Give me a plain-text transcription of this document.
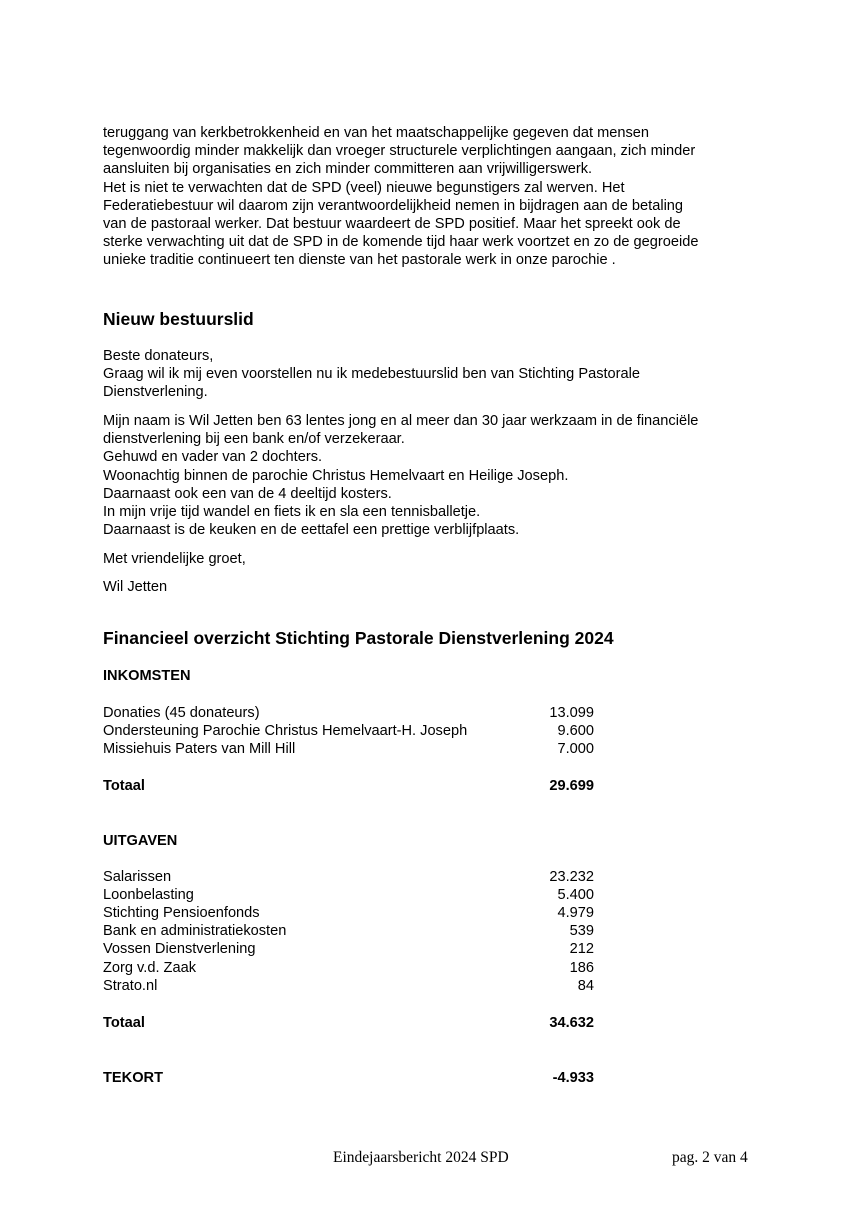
teruggang van kerkbetrokkenheid en van het maatschappelijke gegeven dat mensen
tegenwoordig minder makkelijk dan vroeger structurele verplichtingen aangaan, zich minder
aansluiten bij organisaties en zich minder committeren aan vrijwilligerswerk.
Het is niet te verwachten dat de SPD (veel) nieuwe begunstigers zal werven. Het
Federatiebestuur wil daarom zijn verantwoordelijkheid nemen in bijdragen aan de betaling
van de pastoraal werker. Dat bestuur waardeert de SPD positief. Maar het spreekt ook de
sterke verwachting uit dat de SPD in de komende tijd haar werk voortzet en zo de gegroeide
unieke traditie continueert ten dienste van het pastorale werk in onze parochie .

Nieuw bestuurslid

Beste donateurs,
Graag wil ik mij even voorstellen nu ik medebestuurslid ben van Stichting Pastorale
Dienstverlening.

Mijn naam is Wil Jetten ben 63 lentes jong en al meer dan 30 jaar werkzaam in de financiële
dienstverlening bij een bank en/of verzekeraar.
Gehuwd en vader van 2 dochters.
Woonachtig binnen de parochie Christus Hemelvaart en Heilige Joseph.
Daarnaast ook een van de 4 deeltijd kosters.
In mijn vrije tijd wandel en fiets ik en sla een tennisballetje.
Daarnaast is de keuken en de eettafel een prettige verblijfplaats.

Met vriendelijke groet,
Wil Jetten
Financieel overzicht Stichting Pastorale Dienstverlening 2024
INKOMSTEN
Donaties (45 donateurs)	13.099
Ondersteuning Parochie Christus Hemelvaart-H. Joseph	9.600
Missiehuis Paters van Mill Hill	7.000
Totaal	29.699
UITGAVEN
Salarissen	23.232
Loonbelasting	5.400
Stichting Pensioenfonds	4.979
Bank en administratiekosten	539
Vossen Dienstverlening	212
Zorg v.d. Zaak	186
Strato.nl	84
Totaal	34.632
TEKORT	-4.933
Eindejaarsbericht 2024 SPD	pag. 2 van 4
